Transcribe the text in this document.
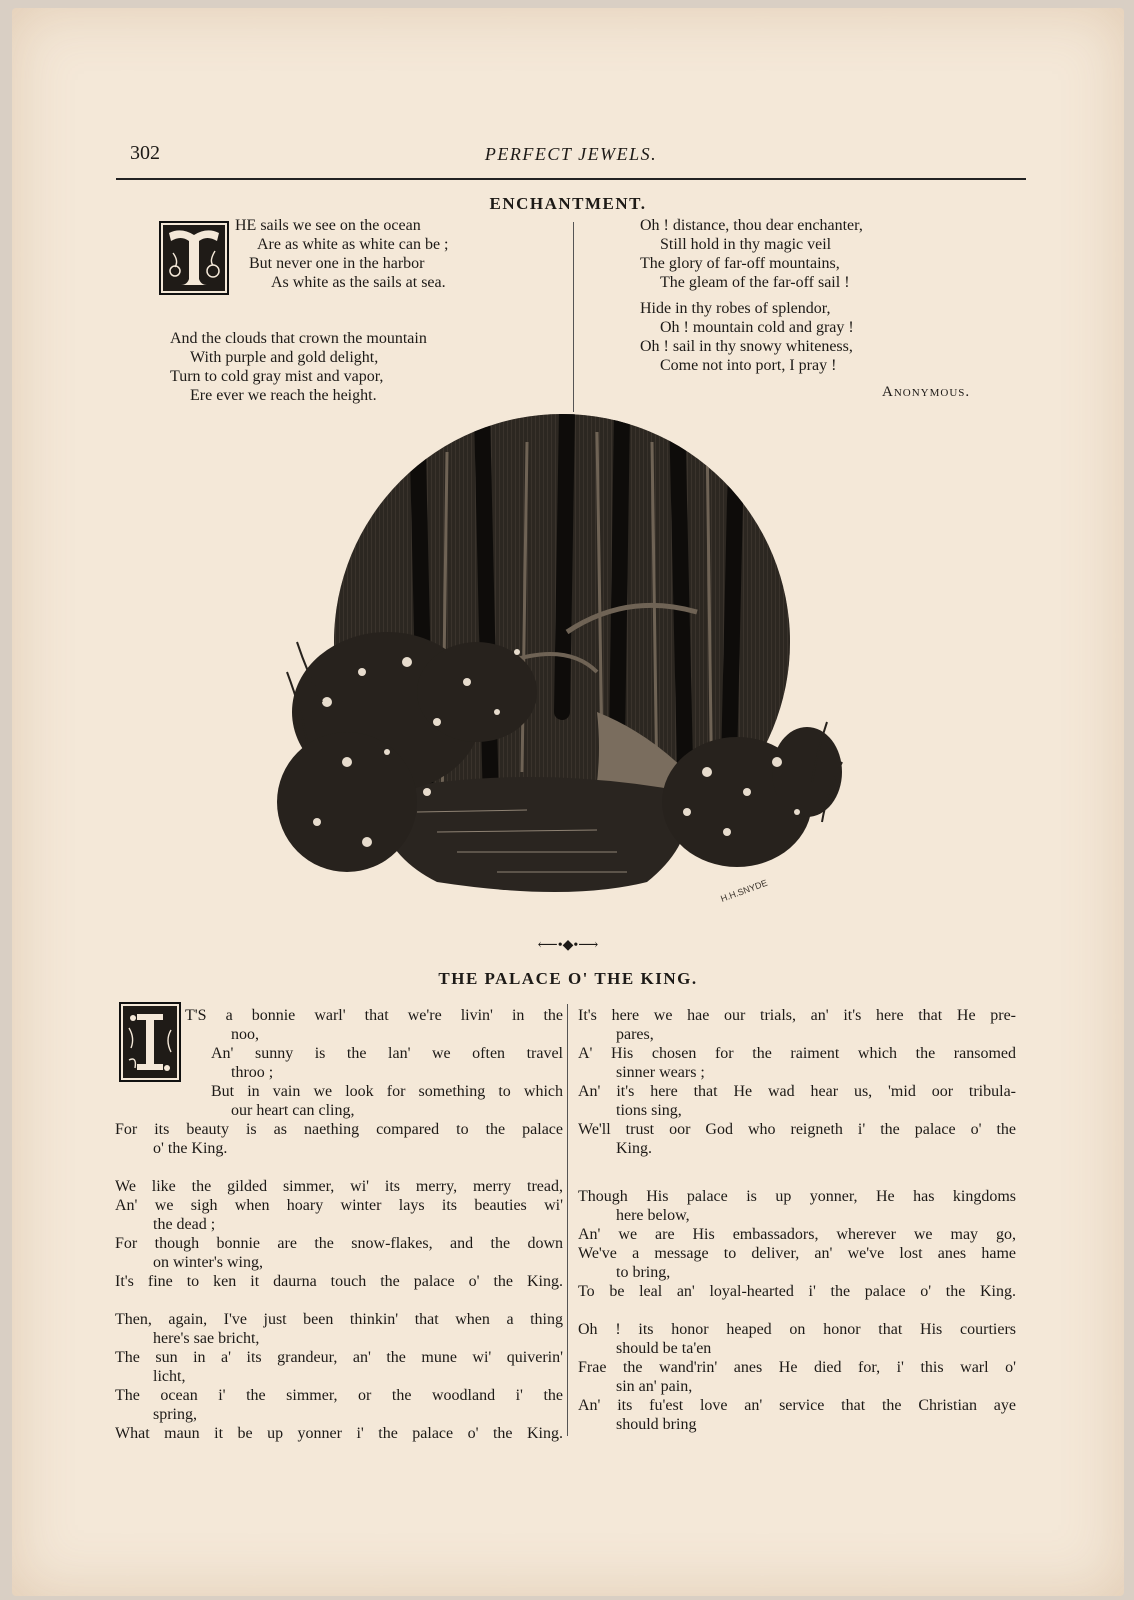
302	PERFECT JEWELS.
ENCHANTMENT.
HE sails we see on the ocean
Are as white as white can be ;
But never one in the harbor
As white as the sails at sea.
And the clouds that crown the mountain
With purple and gold delight,
Turn to cold gray mist and vapor,
Ere ever we reach the height.
Oh ! distance, thou dear enchanter,
Still hold in thy magic veil
The glory of far-off mountains,
The gleam of the far-off sail !
Hide in thy robes of splendor,
Oh ! mountain cold and gray !
Oh ! sail in thy snowy whiteness,
Come not into port, I pray !
Anonymous.
H.H.SNYDE
⟵•◆•⟶
THE PALACE O' THE KING.
T'S a bonnie warl' that we're livin' in the
noo,
An' sunny is the lan' we often travel
throo ;
But in vain we look for something to which
our heart can cling,
For its beauty is as naething compared to the palace
o' the King.
We like the gilded simmer, wi' its merry, merry tread,
An' we sigh when hoary winter lays its beauties wi'
the dead ;
For though bonnie are the snow-flakes, and the down
on winter's wing,
It's fine to ken it daurna touch the palace o' the King.
Then, again, I've just been thinkin' that when a thing
here's sae bricht,
The sun in a' its grandeur, an' the mune wi' quiverin'
licht,
The ocean i' the simmer, or the woodland i' the
spring,
What maun it be up yonner i' the palace o' the King.
It's here we hae our trials, an' it's here that He pre-
pares,
A' His chosen for the raiment which the ransomed
sinner wears ;
An' it's here that He wad hear us, 'mid oor tribula-
tions sing,
We'll trust oor God who reigneth i' the palace o' the
King.
Though His palace is up yonner, He has kingdoms
here below,
An' we are His embassadors, wherever we may go,
We've a message to deliver, an' we've lost anes hame
to bring,
To be leal an' loyal-hearted i' the palace o' the King.
Oh ! its honor heaped on honor that His courtiers
should be ta'en
Frae the wand'rin' anes He died for, i' this warl o'
sin an' pain,
An' its fu'est love an' service that the Christian aye
should bring
